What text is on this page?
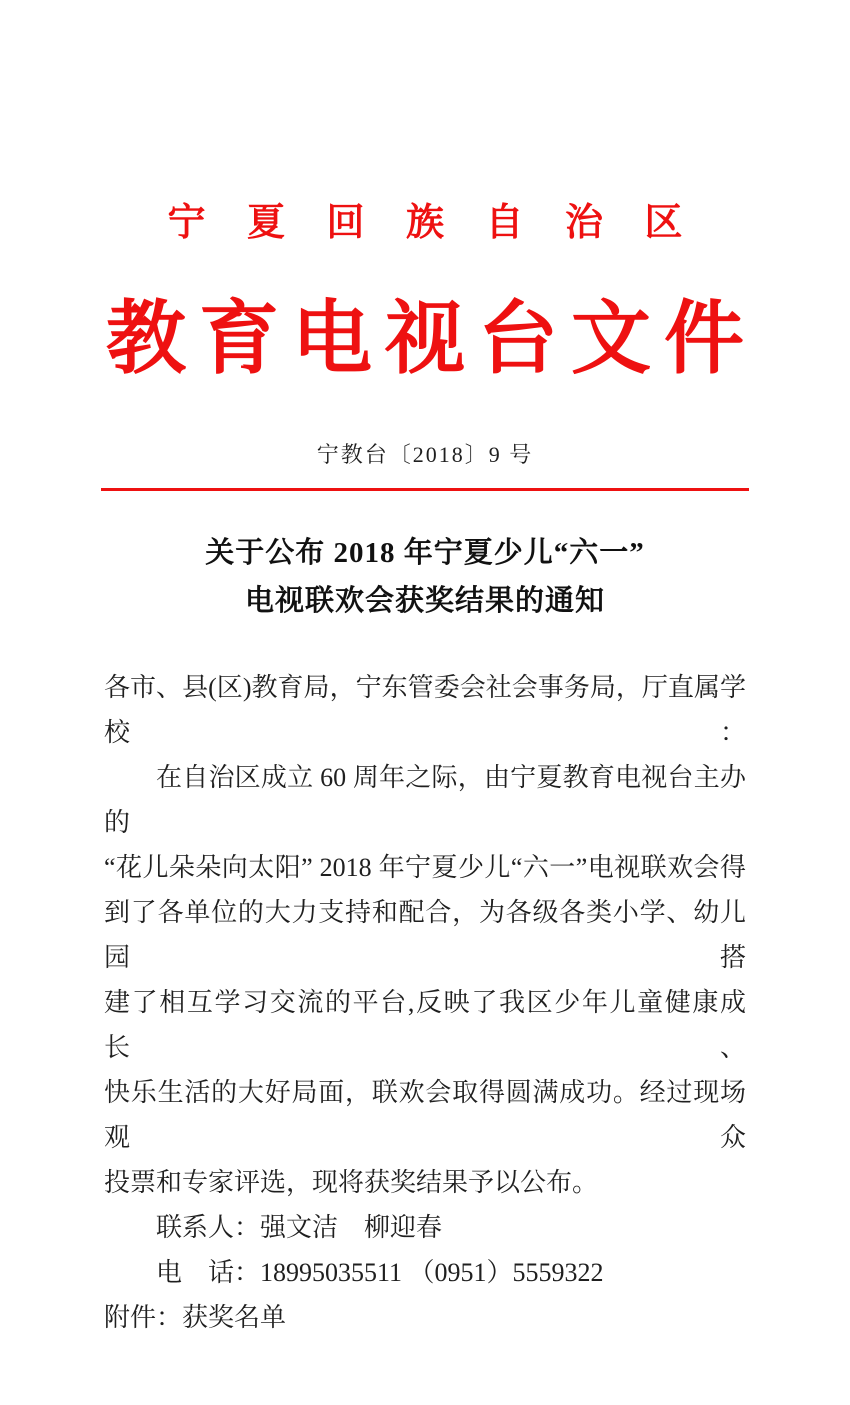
宁 夏 回 族 自 治 区
教育电视台文件
宁教台〔2018〕9 号
关于公布 2018 年宁夏少儿“六一”
电视联欢会获奖结果的通知

各市、县(区)教育局，宁东管委会社会事务局，厅直属学校：

在自治区成立 60 周年之际，由宁夏教育电视台主办的

“花儿朵朵向太阳” 2018 年宁夏少儿“六一”电视联欢会得

到了各单位的大力支持和配合，为各级各类小学、幼儿园搭

建了相互学习交流的平台,反映了我区少年儿童健康成长、

快乐生活的大好局面，联欢会取得圆满成功。经过现场观众

投票和专家评选，现将获奖结果予以公布。

联系人：强文洁　柳迎春

电　话：18995035511 （0951）5559322

附件：获奖名单
